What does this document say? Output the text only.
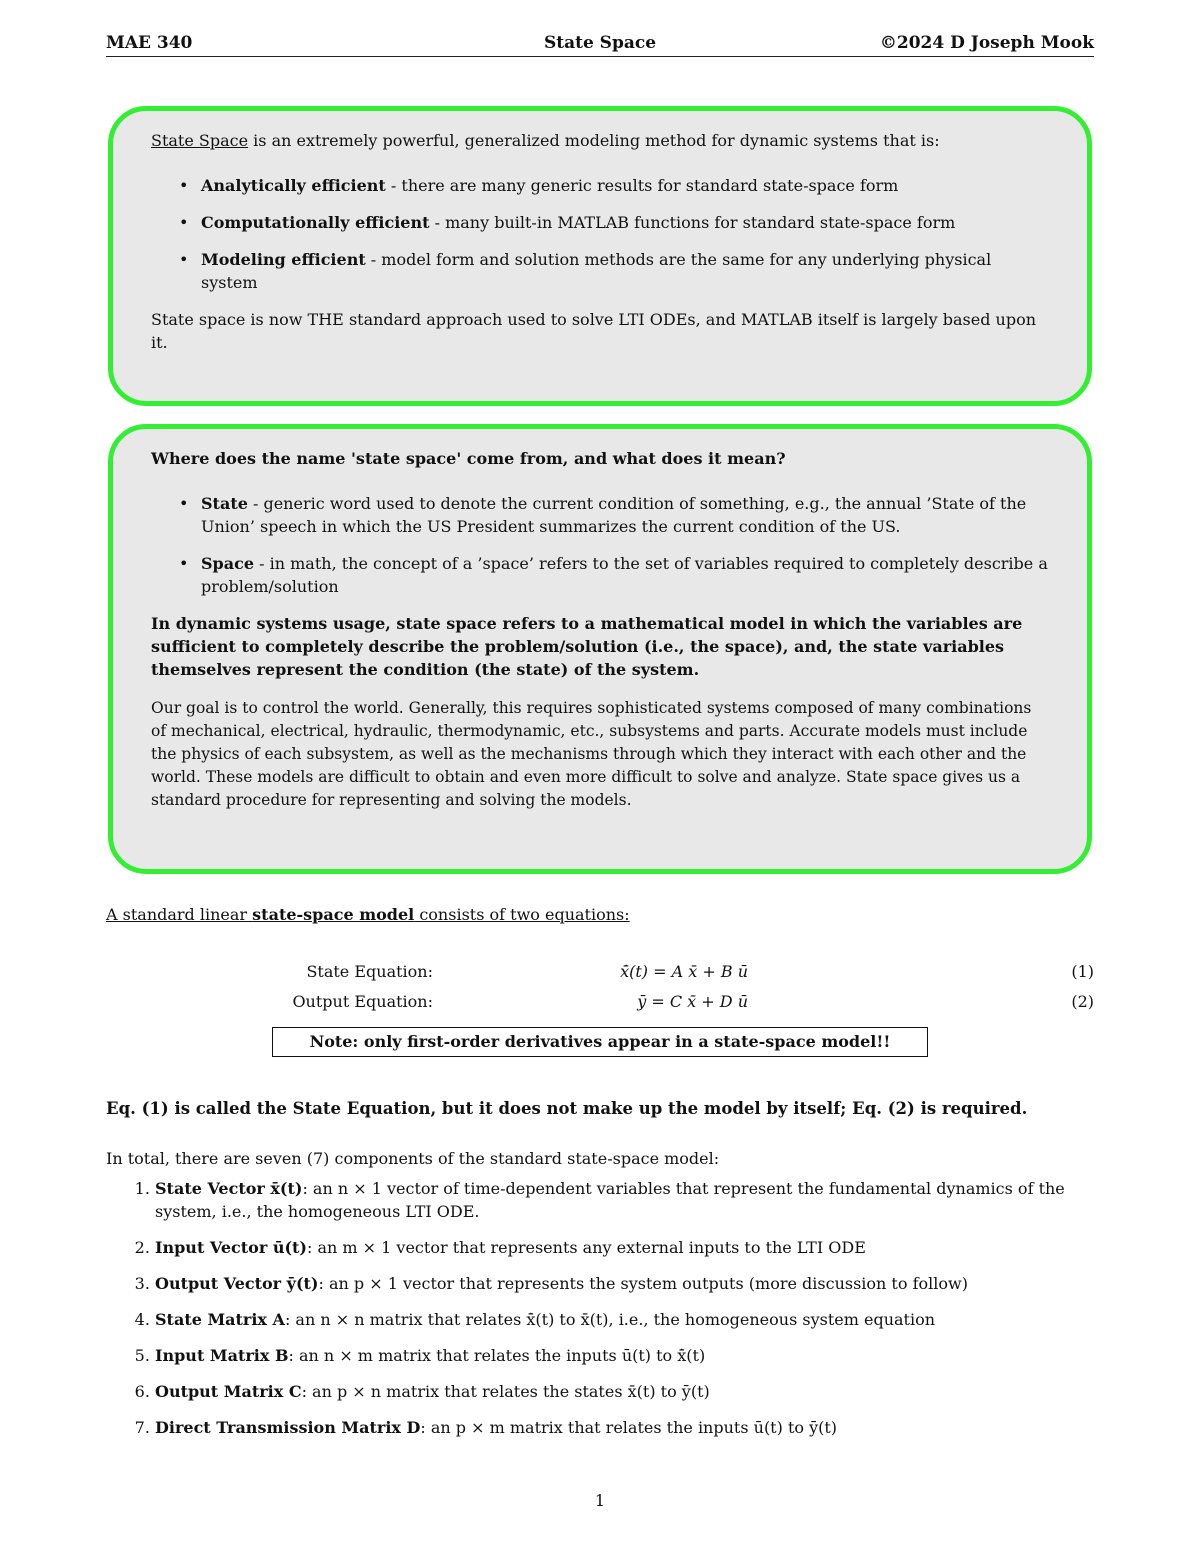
MAE 340	State Space	©2024 D Joseph Mook

State Space is an extremely powerful, generalized modeling method for dynamic systems that is:

• Analytically efficient - there are many generic results for standard state-space form
• Computationally efficient - many built-in MATLAB functions for standard state-space form
• Modeling efficient - model form and solution methods are the same for any underlying physical system

State space is now THE standard approach used to solve LTI ODEs, and MATLAB itself is largely based upon it.

Where does the name 'state space' come from, and what does it mean?

• State - generic word used to denote the current condition of something, e.g., the annual ’State of the Union’ speech in which the US President summarizes the current condition of the US.
• Space - in math, the concept of a ’space’ refers to the set of variables required to completely describe a problem/solution

In dynamic systems usage, state space refers to a mathematical model in which the variables are sufficient to completely describe the problem/solution (i.e., the space), and, the state variables themselves represent the condition (the state) of the system.

Our goal is to control the world. Generally, this requires sophisticated systems composed of many combinations of mechanical, electrical, hydraulic, thermodynamic, etc., subsystems and parts. Accurate models must include the physics of each subsystem, as well as the mechanisms through which they interact with each other and the world. These models are difficult to obtain and even more difficult to solve and analyze. State space gives us a standard procedure for representing and solving the models.

A standard linear state-space model consists of two equations:
State Equation:	x̄̇(t) = A x̄ + B ū	(1)
Output Equation:	ȳ = C x̄ + D ū	(2)
Note: only first-order derivatives appear in a state-space model!!
Eq. (1) is called the State Equation, but it does not make up the model by itself; Eq. (2) is required.
In total, there are seven (7) components of the standard state-space model:
1. State Vector x̄(t): an n × 1 vector of time-dependent variables that represent the fundamental dynamics of the system, i.e., the homogeneous LTI ODE.
2. Input Vector ū(t): an m × 1 vector that represents any external inputs to the LTI ODE
3. Output Vector ȳ(t): an p × 1 vector that represents the system outputs (more discussion to follow)
4. State Matrix A: an n × n matrix that relates x̄̇(t) to x̄(t), i.e., the homogeneous system equation
5. Input Matrix B: an n × m matrix that relates the inputs ū(t) to x̄̇(t)
6. Output Matrix C: an p × n matrix that relates the states x̄(t) to ȳ(t)
7. Direct Transmission Matrix D: an p × m matrix that relates the inputs ū(t) to ȳ(t)
1
